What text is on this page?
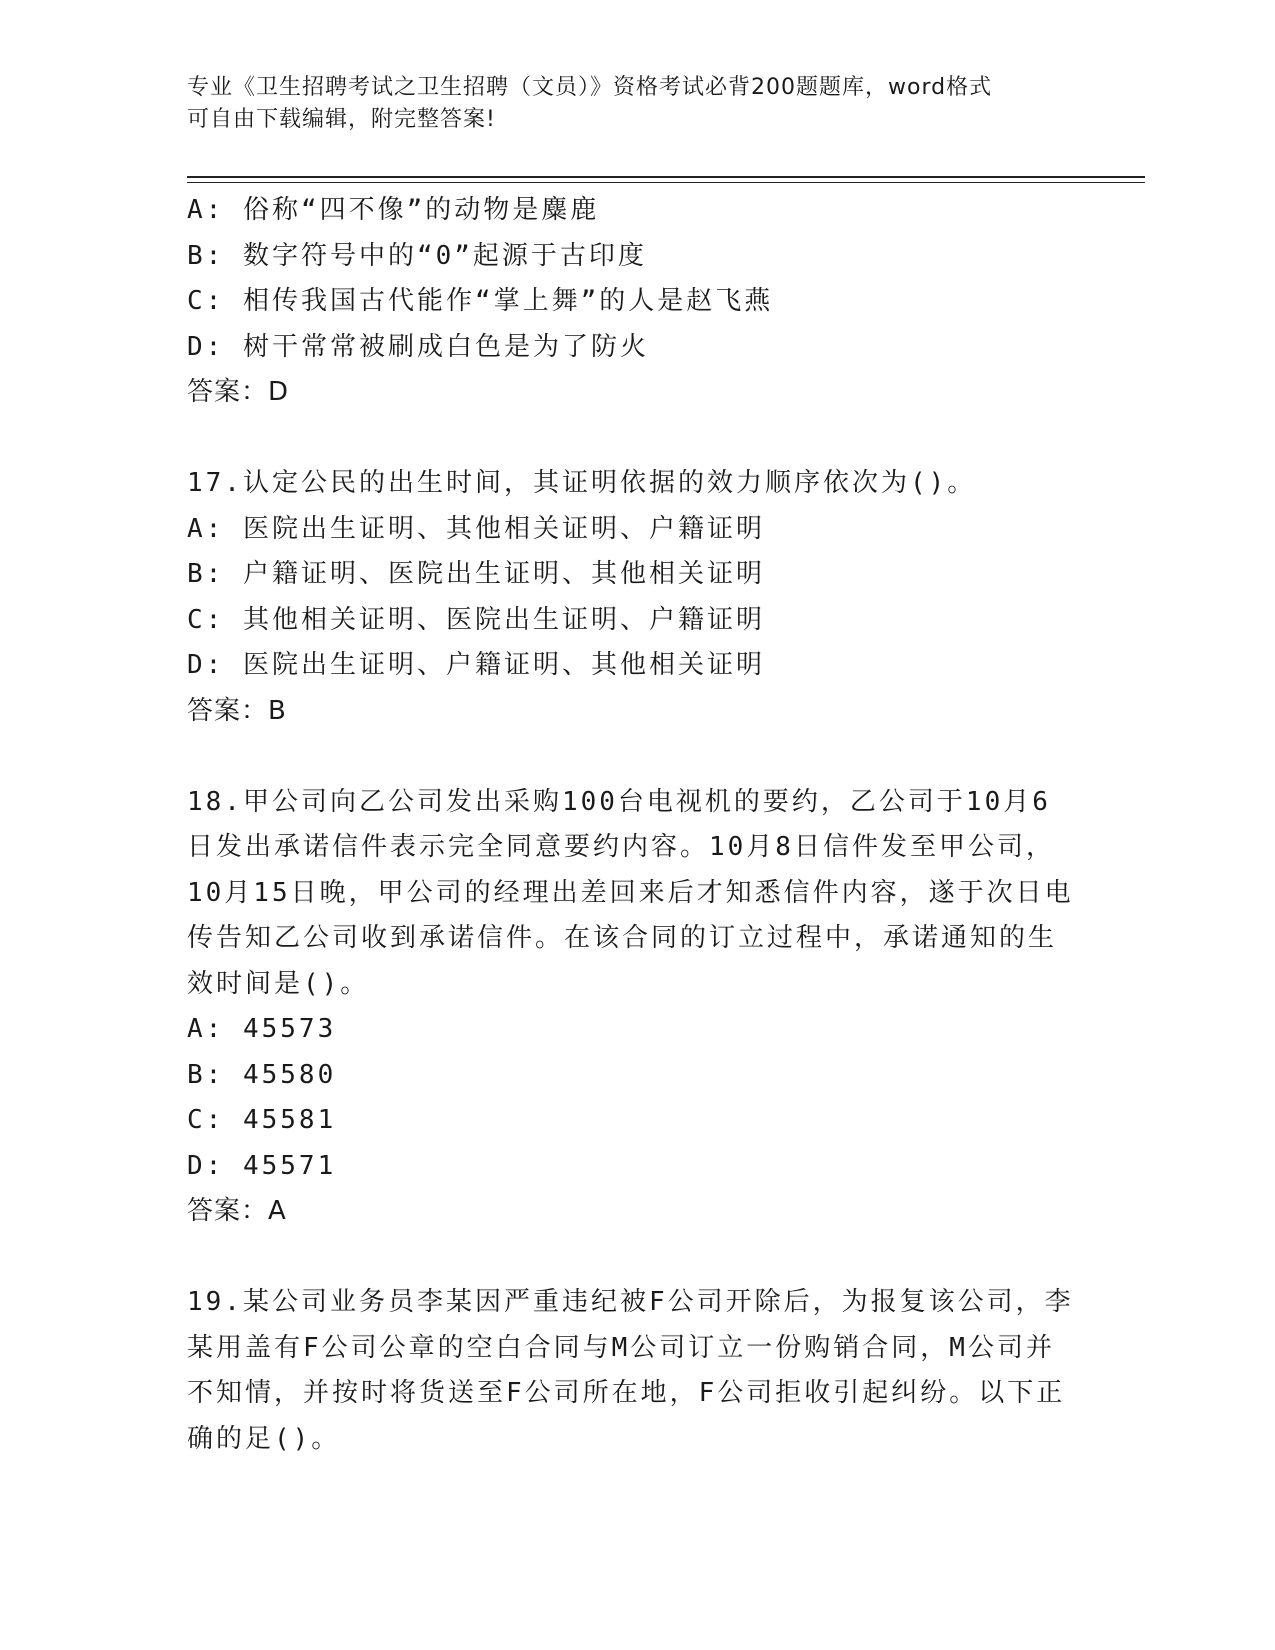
专业《卫生招聘考试之卫生招聘（文员）》资格考试必背200题题库，word格式
可自由下载编辑，附完整答案!

A: 俗称“四不像”的动物是麋鹿

B: 数字符号中的“0”起源于古印度

C: 相传我国古代能作“掌上舞”的人是赵飞燕

D: 树干常常被刷成白色是为了防火

答案：D

17.认定公民的出生时间，其证明依据的效力顺序依次为()。

A: 医院出生证明、其他相关证明、户籍证明

B: 户籍证明、医院出生证明、其他相关证明

C: 其他相关证明、医院出生证明、户籍证明

D: 医院出生证明、户籍证明、其他相关证明

答案：B

18.甲公司向乙公司发出采购100台电视机的要约，乙公司于10月6

日发出承诺信件表示完全同意要约内容。10月8日信件发至甲公司，

10月15日晚，甲公司的经理出差回来后才知悉信件内容，遂于次日电

传告知乙公司收到承诺信件。在该合同的订立过程中，承诺通知的生

效时间是()。

A: 45573

B: 45580

C: 45581

D: 45571

答案：A

19.某公司业务员李某因严重违纪被F公司开除后，为报复该公司，李

某用盖有F公司公章的空白合同与M公司订立一份购销合同，M公司并

不知情，并按时将货送至F公司所在地，F公司拒收引起纠纷。以下正

确的足()。
